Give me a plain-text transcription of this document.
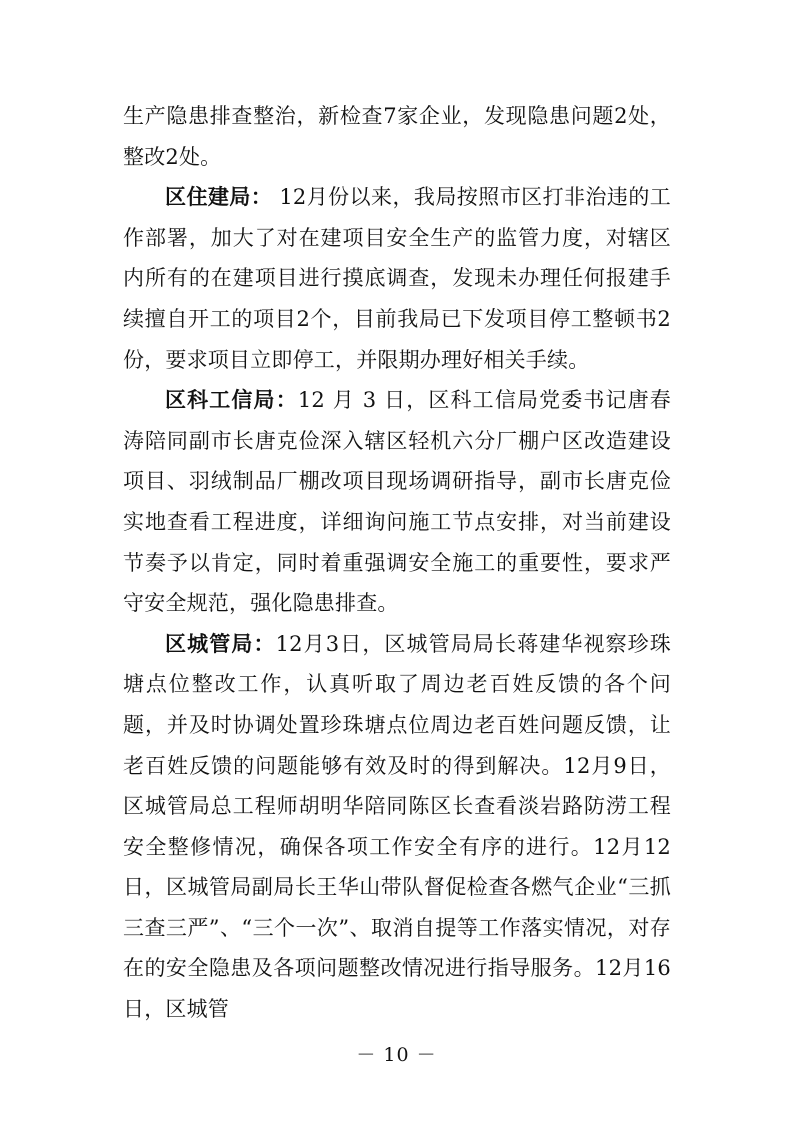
生产隐患排查整治，新检查7家企业，发现隐患问题2处，整改2处。

区住建局： 12月份以来，我局按照市区打非治违的工作部署，加大了对在建项目安全生产的监管力度，对辖区内所有的在建项目进行摸底调查，发现未办理任何报建手续擅自开工的项目2个，目前我局已下发项目停工整顿书2份，要求项目立即停工，并限期办理好相关手续。

区科工信局：12 月 3 日，区科工信局党委书记唐春涛陪同副市长唐克俭深入辖区轻机六分厂棚户区改造建设项目、羽绒制品厂棚改项目现场调研指导，副市长唐克俭实地查看工程进度，详细询问施工节点安排，对当前建设节奏予以肯定，同时着重强调安全施工的重要性，要求严守安全规范，强化隐患排查。

区城管局：12月3日，区城管局局长蒋建华视察珍珠塘点位整改工作，认真听取了周边老百姓反馈的各个问题，并及时协调处置珍珠塘点位周边老百姓问题反馈，让老百姓反馈的问题能够有效及时的得到解决。12月9日，区城管局总工程师胡明华陪同陈区长查看淡岩路防涝工程安全整修情况，确保各项工作安全有序的进行。12月12日，区城管局副局长王华山带队督促检查各燃气企业“三抓三查三严”、“三个一次”、取消自提等工作落实情况，对存在的安全隐患及各项问题整改情况进行指导服务。12月16日，区城管

－ 10 －
